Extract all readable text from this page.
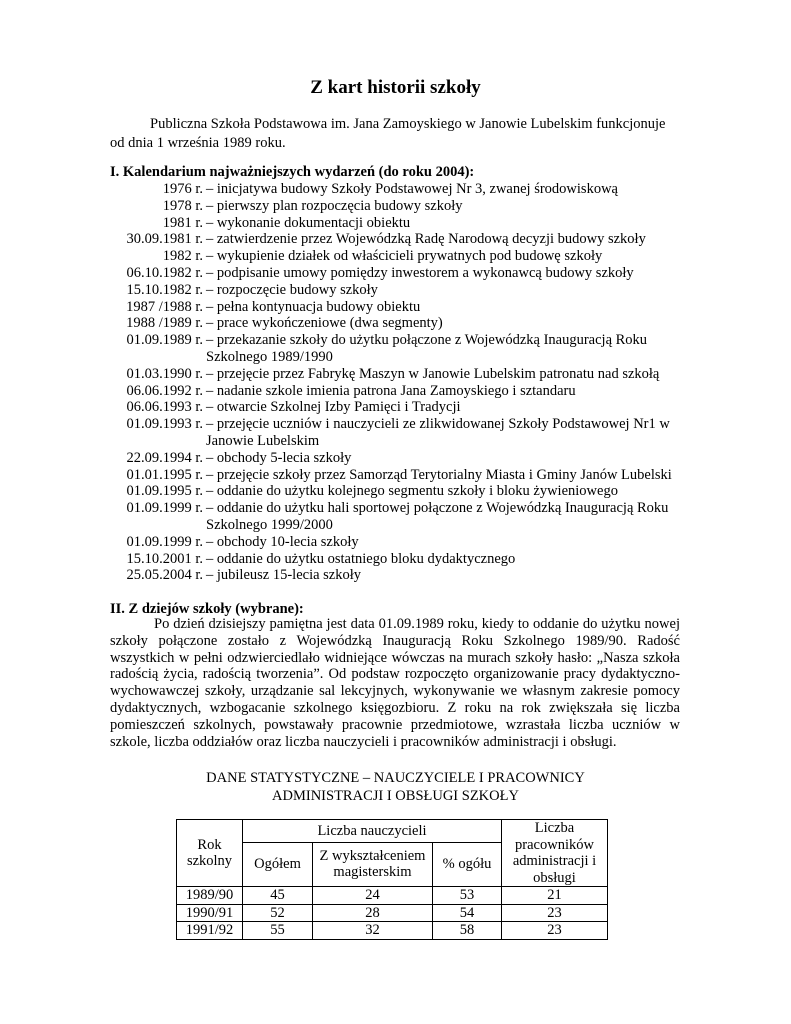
Z kart historii szkoły

Publiczna Szkoła Podstawowa im. Jana Zamoyskiego w Janowie Lubelskim funkcjonuje od dnia 1 września 1989 roku.

I. Kalendarium najważniejszych wydarzeń (do roku 2004):

1976 r. – inicjatywa budowy Szkoły Podstawowej Nr 3, zwanej środowiskową
1978 r. – pierwszy plan rozpoczęcia budowy szkoły
1981 r. – wykonanie dokumentacji obiektu
30.09.1981 r. – zatwierdzenie przez Wojewódzką Radę Narodową decyzji budowy szkoły
1982 r. – wykupienie działek od właścicieli prywatnych pod budowę szkoły
06.10.1982 r. – podpisanie umowy pomiędzy inwestorem a wykonawcą budowy szkoły
15.10.1982 r. – rozpoczęcie budowy szkoły
1987 /1988 r. – pełna kontynuacja budowy obiektu
1988 /1989 r. – prace wykończeniowe (dwa segmenty)
01.09.1989 r. – przekazanie szkoły do użytku połączone z Wojewódzką Inauguracją Roku Szkolnego 1989/1990
01.03.1990 r. – przejęcie przez Fabrykę Maszyn w Janowie Lubelskim patronatu nad szkołą
06.06.1992 r. – nadanie szkole imienia patrona Jana Zamoyskiego i sztandaru
06.06.1993 r. – otwarcie Szkolnej Izby Pamięci i Tradycji
01.09.1993 r. – przejęcie uczniów i nauczycieli ze zlikwidowanej Szkoły Podstawowej Nr1 w Janowie Lubelskim
22.09.1994 r. – obchody 5-lecia szkoły
01.01.1995 r. – przejęcie szkoły przez Samorząd Terytorialny Miasta i Gminy Janów Lubelski
01.09.1995 r. – oddanie do użytku kolejnego segmentu szkoły i bloku żywieniowego
01.09.1999 r. – oddanie do użytku hali sportowej połączone z Wojewódzką Inauguracją Roku Szkolnego 1999/2000
01.09.1999 r. – obchody 10-lecia szkoły
15.10.2001 r. – oddanie do użytku ostatniego bloku dydaktycznego
25.05.2004 r. – jubileusz 15-lecia szkoły

II. Z dziejów szkoły (wybrane):

Po dzień dzisiejszy pamiętna jest data 01.09.1989 roku, kiedy to oddanie do użytku nowej szkoły połączone zostało z Wojewódzką Inauguracją Roku Szkolnego 1989/90. Radość wszystkich w pełni odzwierciedlało widniejące wówczas na murach szkoły hasło: „Nasza szkoła radością życia, radością tworzenia”. Od podstaw rozpoczęto organizowanie pracy dydaktyczno-wychowawczej szkoły, urządzanie sal lekcyjnych, wykonywanie we własnym zakresie pomocy dydaktycznych, wzbogacanie szkolnego księgozbioru. Z roku na rok zwiększała się liczba pomieszczeń szkolnych, powstawały pracownie przedmiotowe, wzrastała liczba uczniów w szkole, liczba oddziałów oraz liczba nauczycieli i pracowników administracji i obsługi.

DANE STATYSTYCZNE – NAUCZYCIELE I PRACOWNICY
ADMINISTRACJI I OBSŁUGI SZKOŁY
Rok szkolny	Liczba nauczycieli			Liczba pracowników administracji i obsługi
	Ogółem	Z wykształceniem magisterskim	% ogółu	
1989/90	45	24	53	21
1990/91	52	28	54	23
1991/92	55	32	58	23
